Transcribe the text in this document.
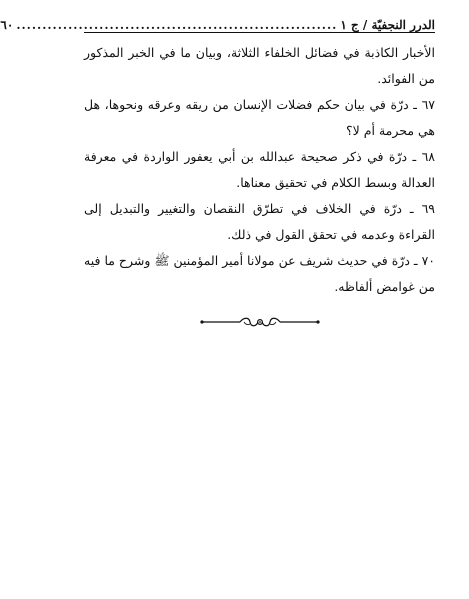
الدرر النجفيّة / ج ١
..............................................................
٦٠

الأخبار الكاذبة في فضائل الخلفاء الثلاثة، وبيان ما في الخبر المذكور من الفوائد.

٦٧ ـ درّة في بيان حكم فضلات الإنسان من ريقه وعرقه ونحوها، هل هي محرمة أم لا؟

٦٨ ـ درّة في ذكر صحيحة عبدالله بن أبي يعفور الواردة في معرفة العدالة وبسط الكلام في تحقيق معناها.

٦٩ ـ درّة في الخلاف في تطرّق النقصان والتغيير والتبديل إلى القراءة وعدمه في تحقق القول في ذلك.

٧٠ ـ درّة في حديث شريف عن مولانا أمير المؤمنين ﷺ وشرح ما فيه من غوامض ألفاظه.
